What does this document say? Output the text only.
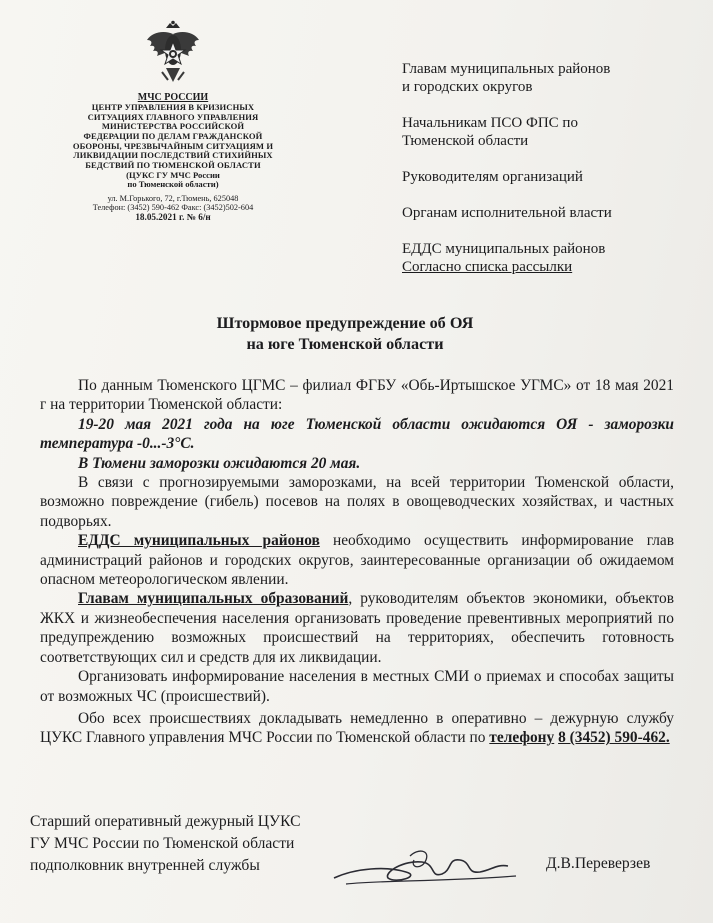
МЧС РОССИИ
ЦЕНТР УПРАВЛЕНИЯ В КРИЗИСНЫХ
СИТУАЦИЯХ ГЛАВНОГО УПРАВЛЕНИЯ
МИНИСТЕРСТВА РОССИЙСКОЙ
ФЕДЕРАЦИИ ПО ДЕЛАМ ГРАЖДАНСКОЙ
ОБОРОНЫ, ЧРЕЗВЫЧАЙНЫМ СИТУАЦИЯМ И
ЛИКВИДАЦИИ ПОСЛЕДСТВИЙ СТИХИЙНЫХ
БЕДСТВИЙ ПО ТЮМЕНСКОЙ ОБЛАСТИ
(ЦУКС ГУ МЧС России
по Тюменской области)
ул. М.Горького, 72, г.Тюмень, 625048
Телефон: (3452) 590-462 Факс: (3452)502-604
18.05.2021 г. № 6/н
Главам муниципальных районов
и городских округов
Начальникам ПСО ФПС по
Тюменской области
Руководителям организаций
Органам исполнительной власти
ЕДДС муниципальных районов
Согласно списка рассылки
Штормовое предупреждение об ОЯ
на юге Тюменской области

По данным Тюменского ЦГМС – филиал ФГБУ «Обь-Иртышское УГМС» от 18 мая 2021 г на территории Тюменской области:

19-20 мая 2021 года на юге Тюменской области ожидаются ОЯ - заморозки температура -0...-3°С.

В Тюмени заморозки ожидаются 20 мая.

В связи с прогнозируемыми заморозками, на всей территории Тюменской области, возможно повреждение (гибель) посевов на полях в овощеводческих хозяйствах, и частных подворьях.

ЕДДС муниципальных районов необходимо осуществить информирование глав администраций районов и городских округов, заинтересованные организации об ожидаемом опасном метеорологическом явлении.

Главам муниципальных образований, руководителям объектов экономики, объектов ЖКХ и жизнеобеспечения населения организовать проведение превентивных мероприятий по предупреждению возможных происшествий на территориях, обеспечить готовность соответствующих сил и средств для их ликвидации.

Организовать информирование населения в местных СМИ о приемах и способах защиты от возможных ЧС (происшествий).

Обо всех происшествиях докладывать немедленно в оперативно – дежурную службу ЦУКС Главного управления МЧС России по Тюменской области по телефону 8 (3452) 590-462.

Старший оперативный дежурный ЦУКС
ГУ МЧС России по Тюменской области
подполковник внутренней службы	Д.В.Переверзев
